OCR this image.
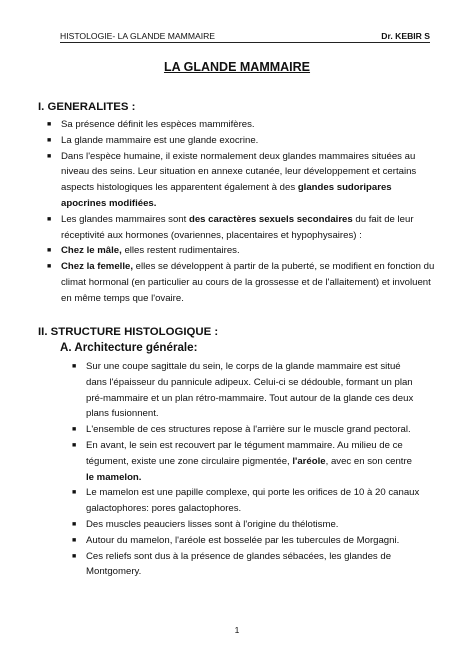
HISTOLOGIE- LA GLANDE MAMMAIRE	Dr. KEBIR S
LA GLANDE MAMMAIRE
I. GENERALITES :
■ Sa présence définit les espèces mammifères.
■ La glande mammaire est une glande exocrine.
■ Dans l'espèce humaine, il existe normalement deux glandes mammaires situées au niveau des seins. Leur situation en annexe cutanée, leur développement et certains aspects histologiques les apparentent également à des glandes sudoripares apocrines modifiées.
■ Les glandes mammaires sont des caractères sexuels secondaires du fait de leur réceptivité aux hormones (ovariennes, placentaires et hypophysaires) :
■ Chez le mâle, elles restent rudimentaires.
■ Chez la femelle, elles se développent à partir de la puberté, se modifient en fonction du climat hormonal (en particulier au cours de la grossesse et de l'allaitement) et involuent en même temps que l'ovaire.
II. STRUCTURE HISTOLOGIQUE :
A. Architecture générale:
■ Sur une coupe sagittale du sein, le corps de la glande mammaire est situé dans l'épaisseur du pannicule adipeux. Celui-ci se dédouble, formant un plan pré-mammaire et un plan rétro-mammaire. Tout autour de la glande ces deux plans fusionnent.
■ L'ensemble de ces structures repose à l'arrière sur le muscle grand pectoral.
■ En avant, le sein est recouvert par le tégument mammaire. Au milieu de ce tégument, existe une zone circulaire pigmentée, l'aréole, avec en son centre le mamelon.
■ Le mamelon est une papille complexe, qui porte les orifices de 10 à 20 canaux galactophores: pores galactophores.
■ Des muscles peauciers lisses sont à l'origine du thélotisme.
■ Autour du mamelon, l'aréole est bosselée par les tubercules de Morgagni.
■ Ces reliefs sont dus à la présence de glandes sébacées, les glandes de Montgomery.
1
